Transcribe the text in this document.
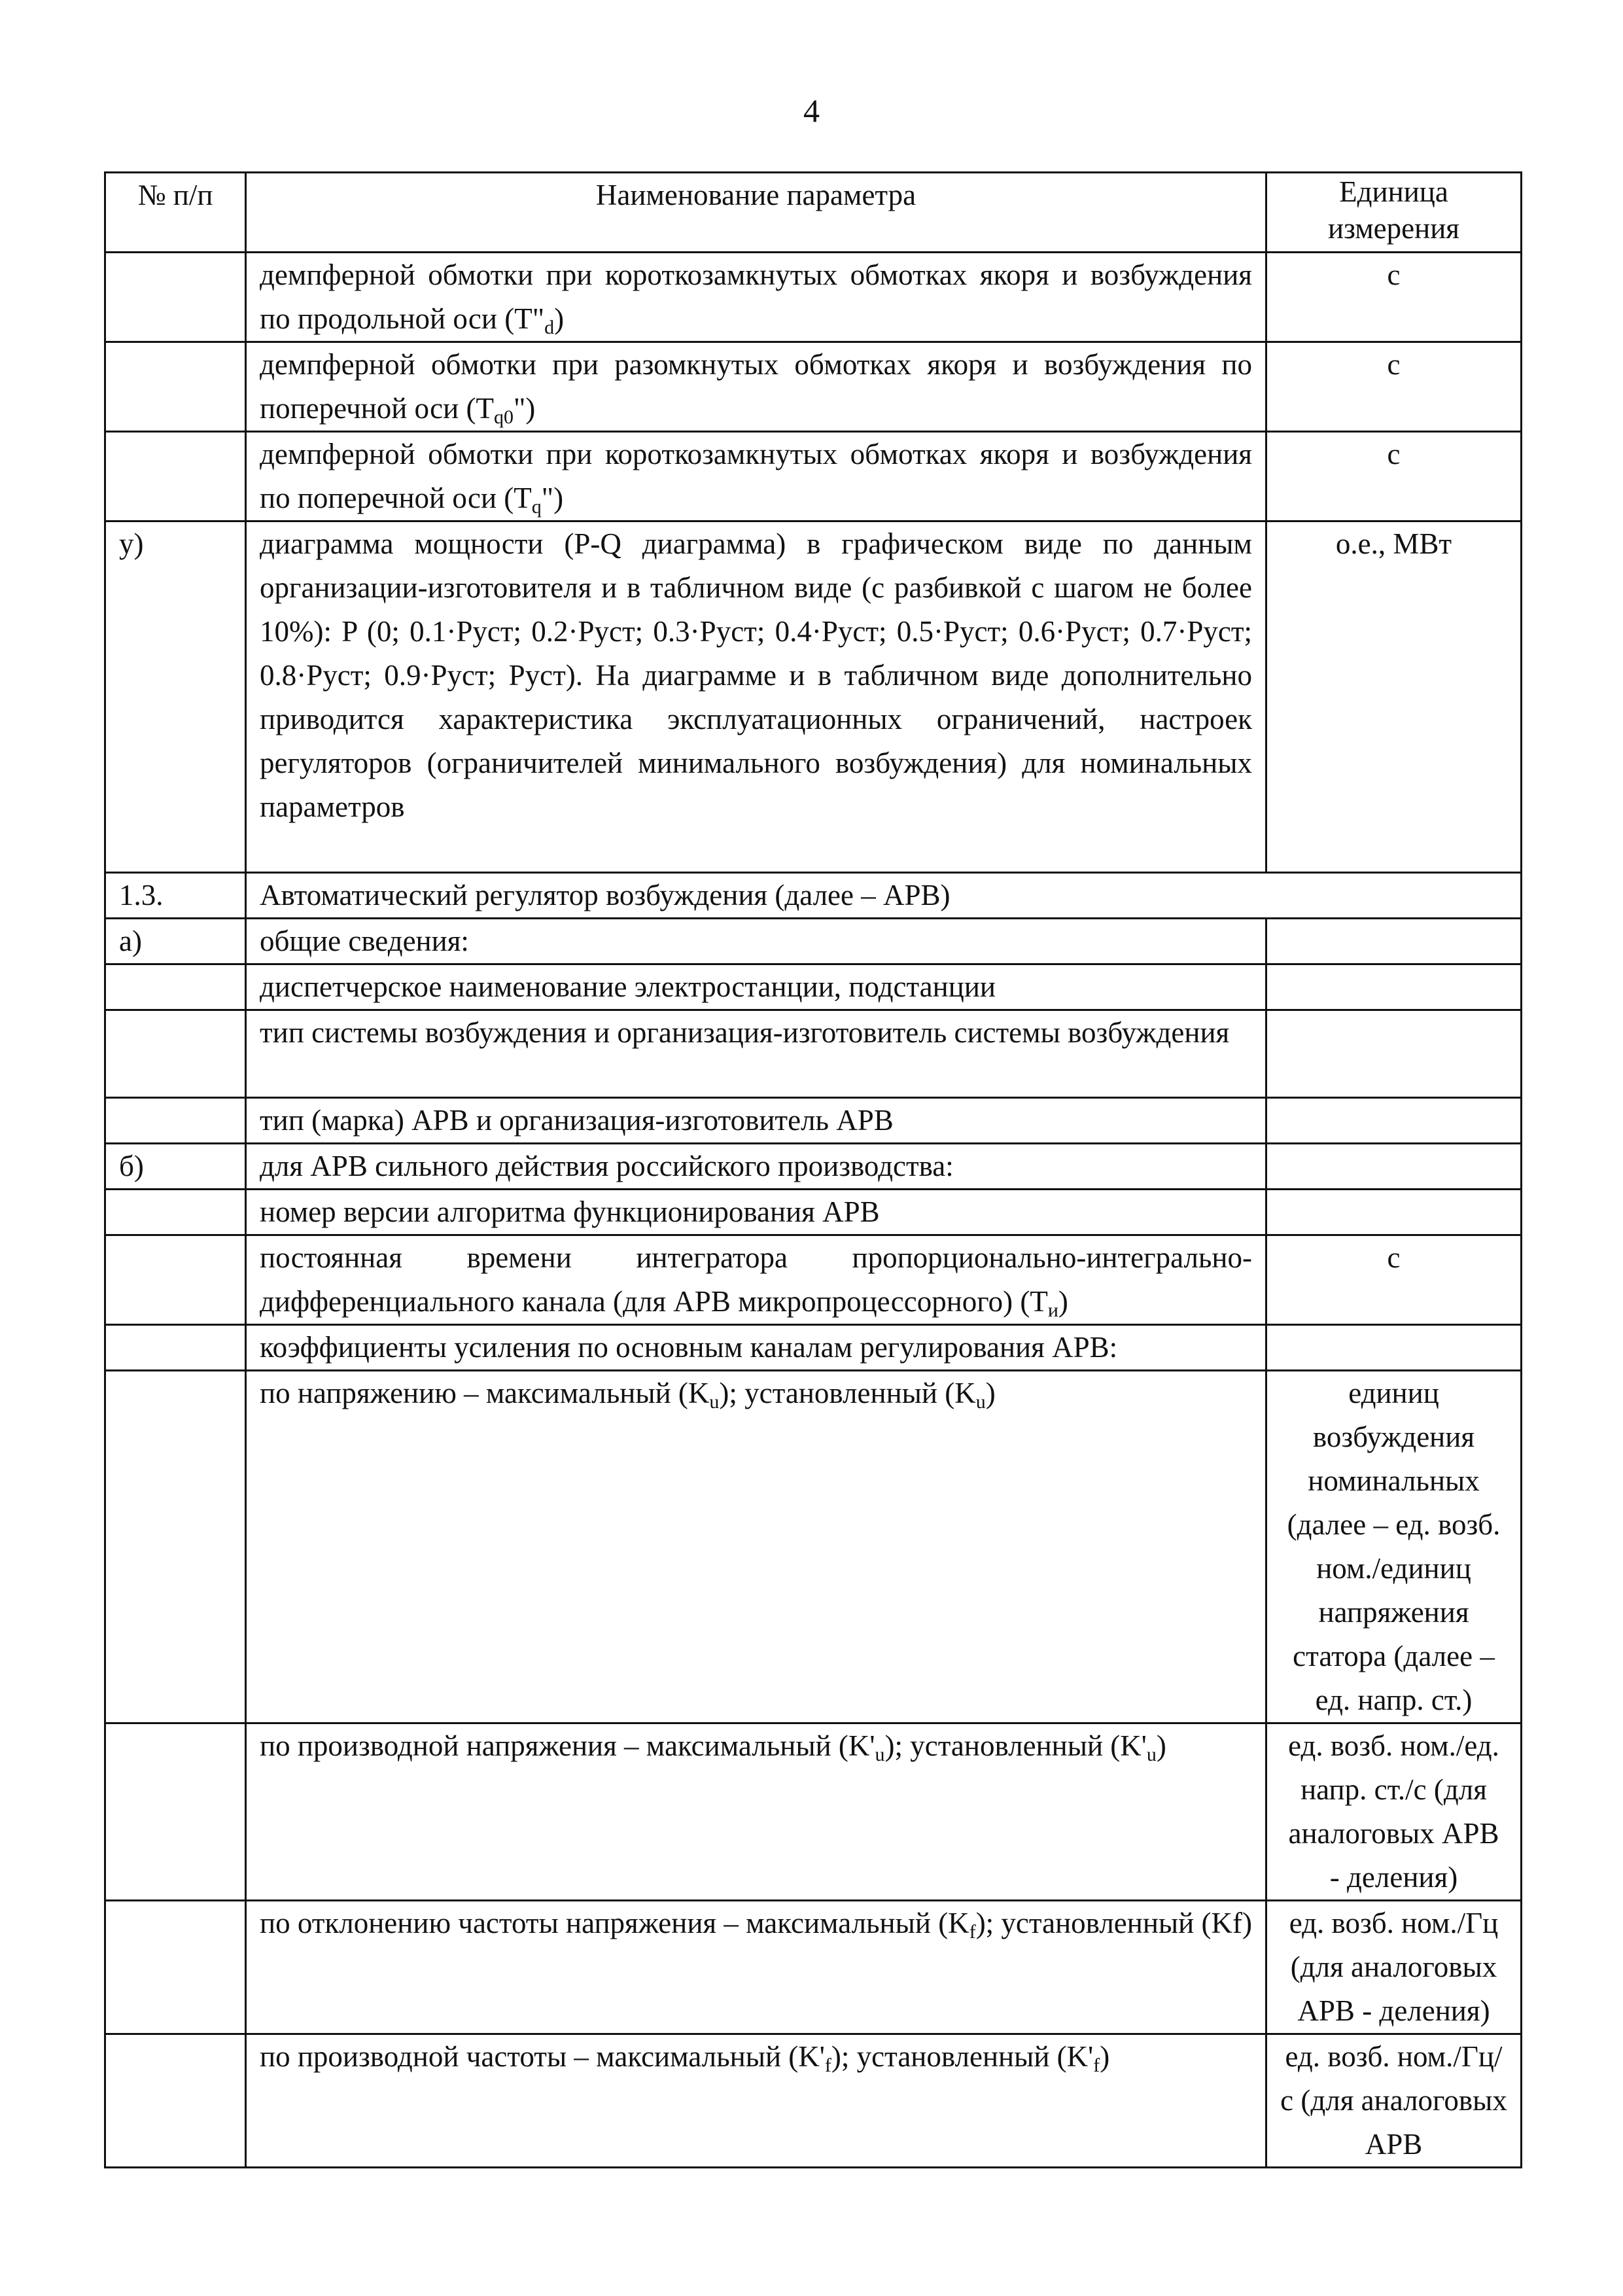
4
№ п/п	Наименование параметра	Единица измерения
	демпферной обмотки при короткозамкнутых обмотках якоря и возбуждения по продольной оси $(T"_d)$	с
	демпферной обмотки при разомкнутых обмотках якоря и возбуждения по поперечной оси $(T_{q0}")$	с
	демпферной обмотки при короткозамкнутых обмотках якоря и возбуждения по поперечной оси $(T_q")$	с
у)	диаграмма мощности (P-Q диаграмма) в графическом виде по данным организации-изготовителя и в табличном виде (с разбивкой с шагом не более 10%): P (0; 0.1·Руст; 0.2·Руст; 0.3·Руст; 0.4·Руст; 0.5·Руст; 0.6·Руст; 0.7·Руст; 0.8·Руст; 0.9·Руст; Руст). На диаграмме и в табличном виде дополнительно приводится характеристика эксплуатационных ограничений, настроек регуляторов (ограничителей минимального возбуждения) для номинальных параметров	о.е., МВт
1.3.	Автоматический регулятор возбуждения (далее – АРВ)	
а)	общие сведения:	
	диспетчерское наименование электростанции, подстанции	
	тип системы возбуждения и организация-изготовитель системы возбуждения	
	тип (марка) АРВ и организация-изготовитель АРВ	
б)	для АРВ сильного действия российского производства:	
	номер версии алгоритма функционирования АРВ	
	постоянная времени интегратора пропорционально-интегрально-дифференциального канала (для АРВ микропроцессорного) $(T_и)$	с
	коэффициенты усиления по основным каналам регулирования АРВ:	
	по напряжению – максимальный $(K_u)$; установленный $(K_u)$	единиц возбуждения номинальных (далее – ед. возб. ном./единиц напряжения статора (далее – ед. напр. ст.)
	по производной напряжения – максимальный $(K'_u)$; установленный $(K'_u)$	ед. возб. ном./ед. напр. ст./с (для аналоговых АРВ - деления)
	по отклонению частоты напряжения – максимальный $(K_f)$; установленный (Kf)	ед. возб. ном./Гц (для аналоговых АРВ - деления)
	по производной частоты – максимальный $(K'_f)$; установленный $(K'_f)$	ед. возб. ном./Гц/с (для аналоговых АРВ
